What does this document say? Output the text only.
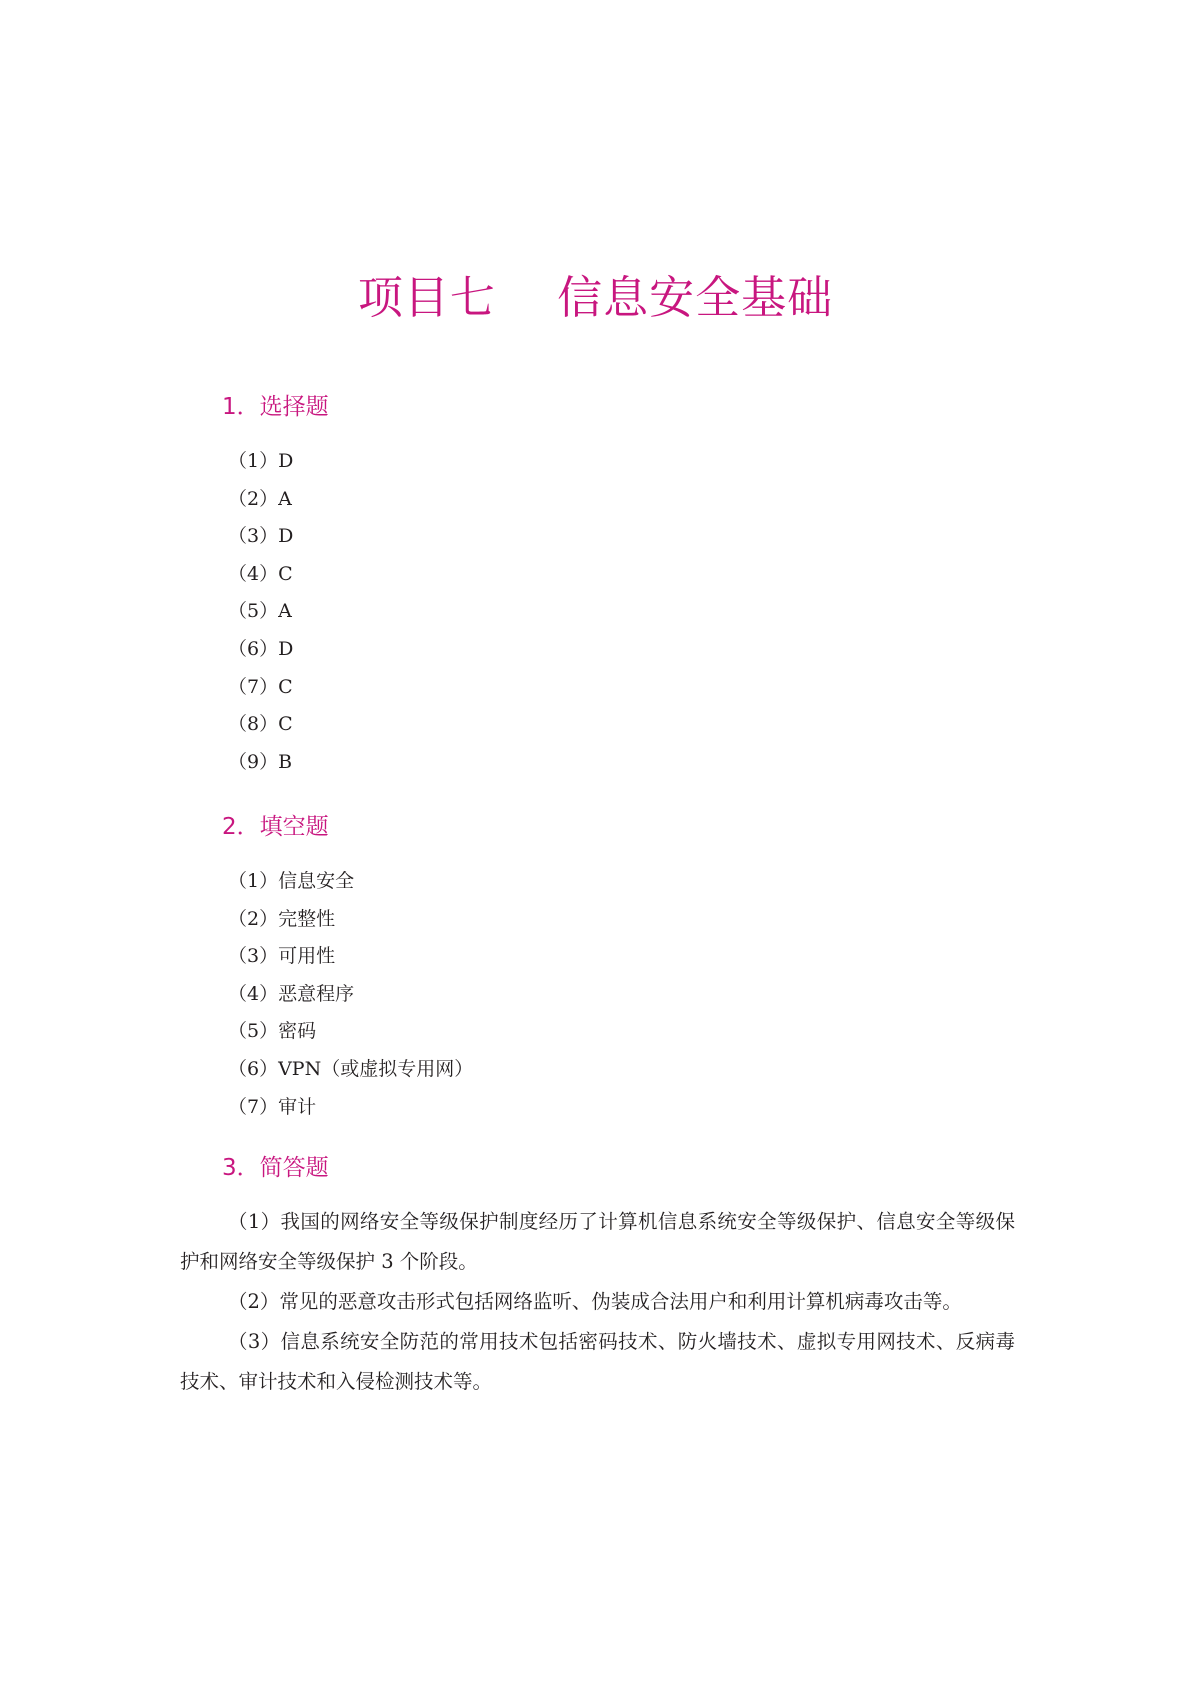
项目七    信息安全基础
1．选择题
（1）D
（2）A
（3）D
（4）C
（5）A
（6）D
（7）C
（8）C
（9）B
2．填空题
（1）信息安全
（2）完整性
（3）可用性
（4）恶意程序
（5）密码
（6）VPN（或虚拟专用网）
（7）审计
3．简答题

（1）我国的网络安全等级保护制度经历了计算机信息系统安全等级保护、信息安全等级保护和网络安全等级保护 3 个阶段。

（2）常见的恶意攻击形式包括网络监听、伪装成合法用户和利用计算机病毒攻击等。

（3）信息系统安全防范的常用技术包括密码技术、防火墙技术、虚拟专用网技术、反病毒技术、审计技术和入侵检测技术等。
